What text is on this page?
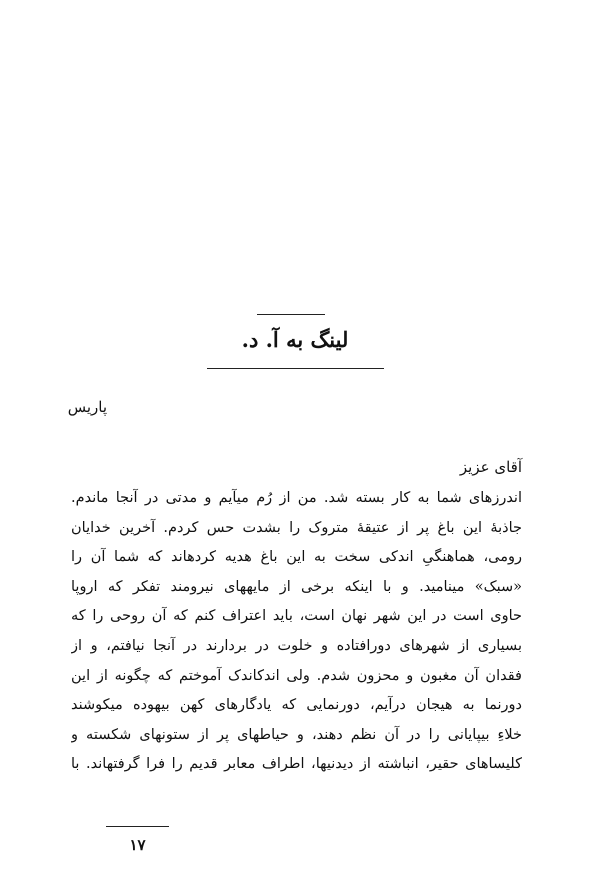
لینگ به آ. د.
پاریس
آقای عزیز
اندرزهای شما به کار بسته شد. من از رُم میآیم و مدتی در آنجا ماندم.
جاذبهٔ این باغ پر از عتیقهٔ متروک را بشدت حس کردم. آخرین خدایان
رومی، هماهنگیِ اندکی سخت به این باغ هدیه کردهاند که شما آن را
«سبک» مینامید. و با اینکه برخی از مایههای نیرومند تفکر که اروپا
حاوی است در این شهر نهان است، باید اعتراف کنم که آن روحی را که
بسیاری از شهرهای دورافتاده و خلوت در بردارند در آنجا نیافتم، و از
فقدان آن مغبون و محزون شدم. ولی اندکاندک آموختم که چگونه از این
دورنما به هیجان درآیم، دورنمایی که یادگارهای کهن بیهوده میکوشند
خلاءِ بیپایانی را در آن نظم دهند، و حیاطهای پر از ستونهای شکسته و
کلیساهای حقیر، انباشته از دیدنیها، اطراف معابر قدیم را فرا گرفتهاند. با
۱۷
